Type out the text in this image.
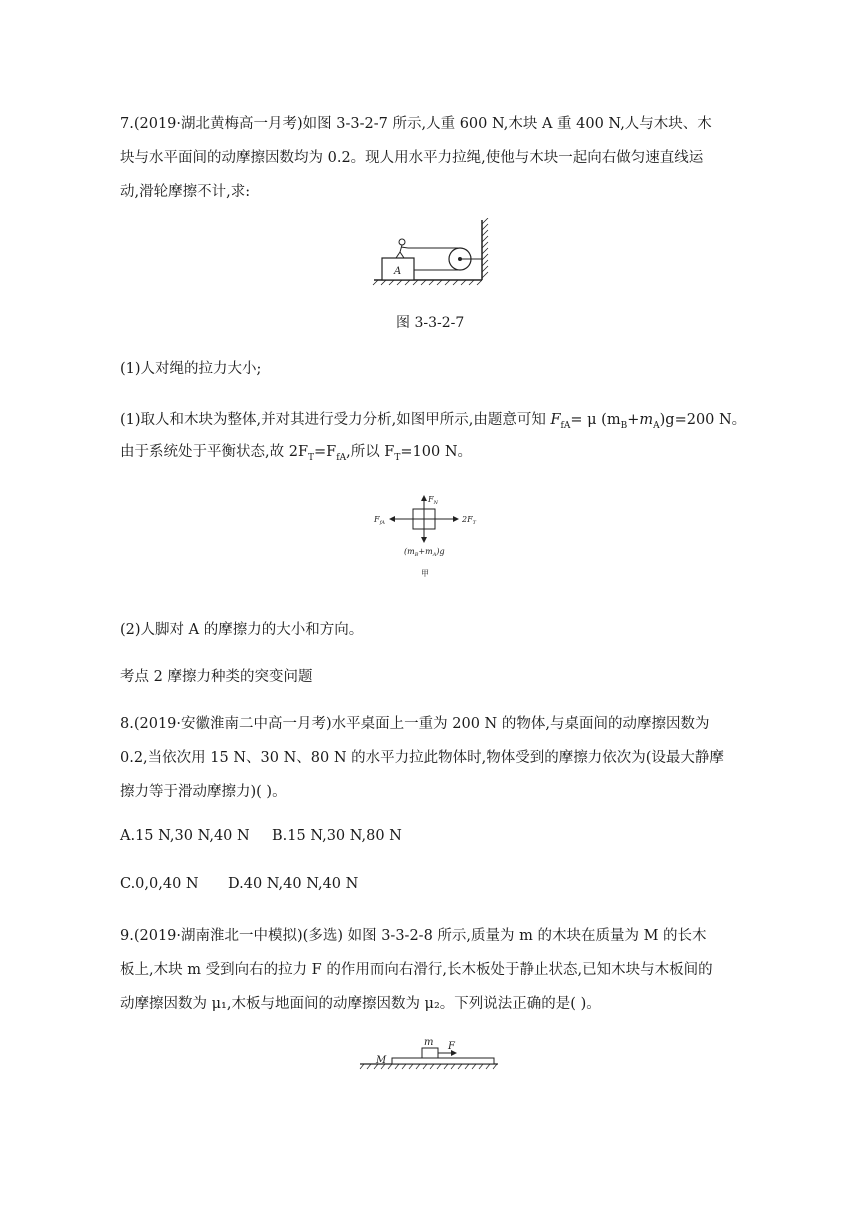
7.(2019·湖北黄梅高一月考)如图 3-3-2-7 所示,人重 600 N,木块 A 重 400 N,人与木块、木
块与水平面间的动摩擦因数均为 0.2。现人用水平力拉绳,使他与木块一起向右做匀速直线运
动,滑轮摩擦不计,求:
A
图 3-3-2-7
(1)人对绳的拉力大小;
(1)取人和木块为整体,并对其进行受力分析,如图甲所示,由题意可知 $F_{fA}= \mu$ $(m_B+m_A)g=200$ N。
由于系统处于平衡状态,故 $2F_T=F_{fA}$,所以 $F_T=100$ N。
$F_N$
$F_{fA}$	$2F_T$
$(m_B+m_A)g$
甲
(2)人脚对 A 的摩擦力的大小和方向。
考点 2 摩擦力种类的突变问题
8.(2019·安徽淮南二中高一月考)水平桌面上一重为 200 N 的物体,与桌面间的动摩擦因数为
0.2,当依次用 15 N、30 N、80 N 的水平力拉此物体时,物体受到的摩擦力依次为(设最大静摩
擦力等于滑动摩擦力)( )。
A.15 N,30 N,40 N B.15 N,30 N,80 N
C.0,0,40 N D.40 N,40 N,40 N
9.(2019·湖南淮北一中模拟)(多选) 如图 3-3-2-8 所示,质量为 m 的木块在质量为 M 的长木
板上,木块 m 受到向右的拉力 F 的作用而向右滑行,长木板处于静止状态,已知木块与木板间的
动摩擦因数为 μ₁,木板与地面间的动摩擦因数为 μ₂。下列说法正确的是( )。
m F
M
